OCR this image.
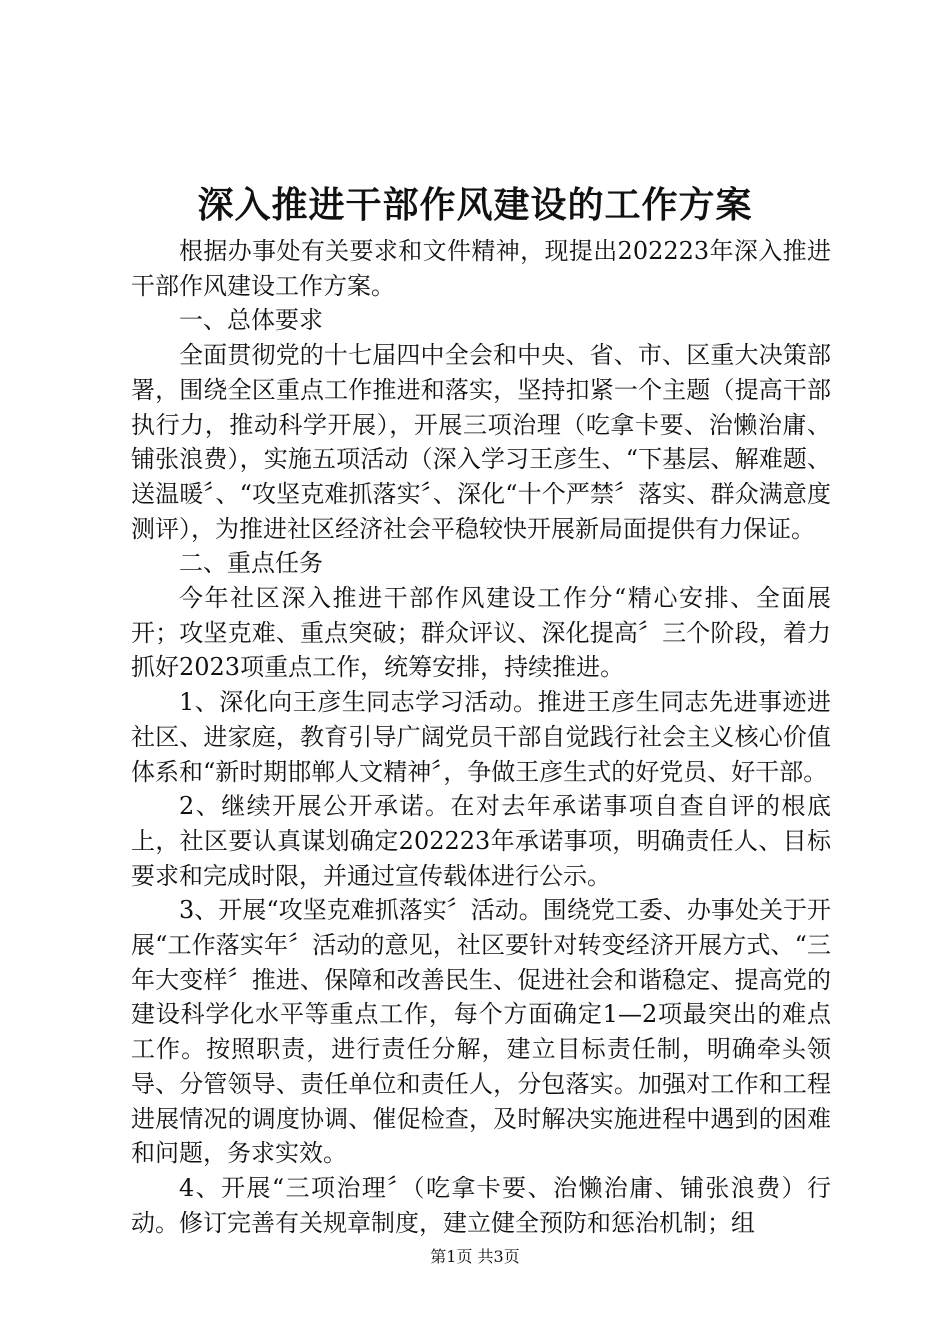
深入推进干部作风建设的工作方案

根据办事处有关要求和文件精神，现提出202223年深入推进干部作风建设工作方案。

一、总体要求

全面贯彻党的十七届四中全会和中央、省、市、区重大决策部署，围绕全区重点工作推进和落实，坚持扣紧一个主题（提高干部执行力，推动科学开展），开展三项治理（吃拿卡要、治懒治庸、铺张浪费），实施五项活动（深入学习王彦生、“下基层、解难题、送温暖〞、“攻坚克难抓落实〞、深化“十个严禁〞落实、群众满意度测评），为推进社区经济社会平稳较快开展新局面提供有力保证。

二、重点任务

今年社区深入推进干部作风建设工作分“精心安排、全面展开；攻坚克难、重点突破；群众评议、深化提高〞三个阶段，着力抓好2023项重点工作，统筹安排，持续推进。

1、深化向王彦生同志学习活动。推进王彦生同志先进事迹进社区、进家庭，教育引导广阔党员干部自觉践行社会主义核心价值体系和“新时期邯郸人文精神〞，争做王彦生式的好党员、好干部。

2、继续开展公开承诺。在对去年承诺事项自查自评的根底上，社区要认真谋划确定202223年承诺事项，明确责任人、目标要求和完成时限，并通过宣传载体进行公示。

3、开展“攻坚克难抓落实〞活动。围绕党工委、办事处关于开展“工作落实年〞活动的意见，社区要针对转变经济开展方式、“三年大变样〞推进、保障和改善民生、促进社会和谐稳定、提高党的建设科学化水平等重点工作，每个方面确定1—2项最突出的难点工作。按照职责，进行责任分解，建立目标责任制，明确牵头领导、分管领导、责任单位和责任人，分包落实。加强对工作和工程进展情况的调度协调、催促检查，及时解决实施进程中遇到的困难和问题，务求实效。

4、开展“三项治理〞（吃拿卡要、治懒治庸、铺张浪费）行动。修订完善有关规章制度，建立健全预防和惩治机制；组

第1页 共3页
